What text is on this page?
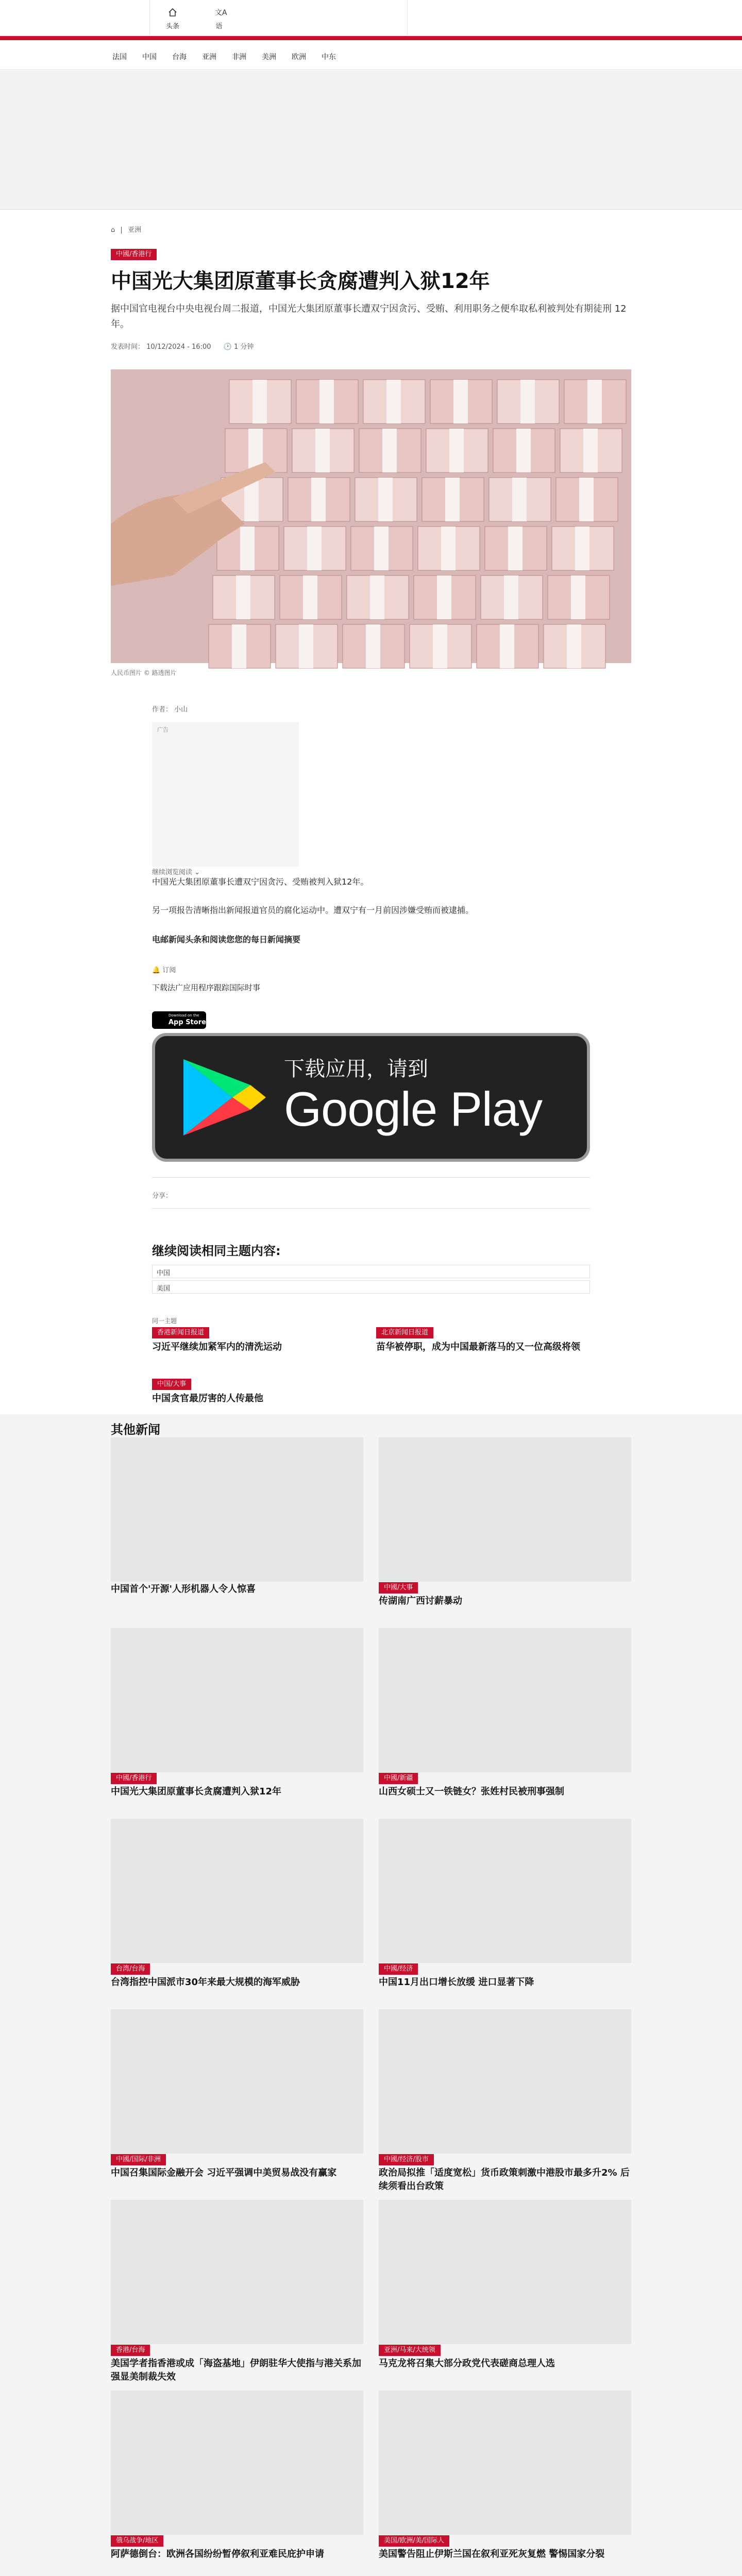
头条
文A
语
法国 中国 台海 亚洲 非洲 美洲 欧洲 中东
⌂ | 亚洲
中國/香港行
中国光大集团原董事长贪腐遭判入狱12年
据中国官电视台中央电视台周二报道，中国光大集团原董事长遭双宁因贪污、受贿、利用职务之便牟取私利被判处有期徒刑 12 年。
发表时间： 10/12/2024 - 16:00 🕑 1 分钟
人民币图片 © 路透图片
作者： 小山
广告
继续浏览阅读 ⌄
中国光大集团原董事长遭双宁因贪污、受贿被判入狱12年。
另一项报告清晰指出新闻报道官员的腐化运动中。遭双宁有一月前因涉嫌受贿而被逮捕。
电邮新闻头条和阅读您您的每日新闻摘要
🔔 订阅
下载法广应用程序跟踪国际时事
Download on the
App Store
下载应用，请到
Google Play
分享：
继续阅读相同主题内容:
中国
美国
同一主题
香港新闻日报道
习近平继续加紧军内的清洗运动
北京新闻日报道
苗华被停职，成为中国最新落马的又一位高级将领
中国/大事
中国贪官最厉害的人传最他
其他新闻
中国首个'开源'人形机器人令人惊喜	中國/大事
传湖南广西讨薪暴动
中國/香港行
中国光大集团原董事长贪腐遭判入狱12年
中國/新疆
山西女硕士又一铁链女？张姓村民被刑事强制
台湾/台海
台湾指控中国派市30年来最大规模的海军威胁
中國/经济
中国11月出口增长放缓 进口显著下降
中國/国际/非洲
中国召集国际金融开会 习近平强调中美贸易战没有赢家
中國/经济/股市
政治局拟推「适度宽松」货币政策刺激中港股市最多升2% 后续须看出台政策
香港/台海
美国学者指香港或成「海盗基地」伊朗驻华大使指与港关系加强显美制裁失效
亚洲/马来/大统领
马克龙将召集大部分政党代表磋商总理人选
俄乌战争/地区
阿萨德倒台：欧洲各国纷纷暂停叙利亚难民庇护申请
美国/欧洲/美/国际人
美国警告阻止伊斯兰国在叙利亚死灰复燃 警惕国家分裂
